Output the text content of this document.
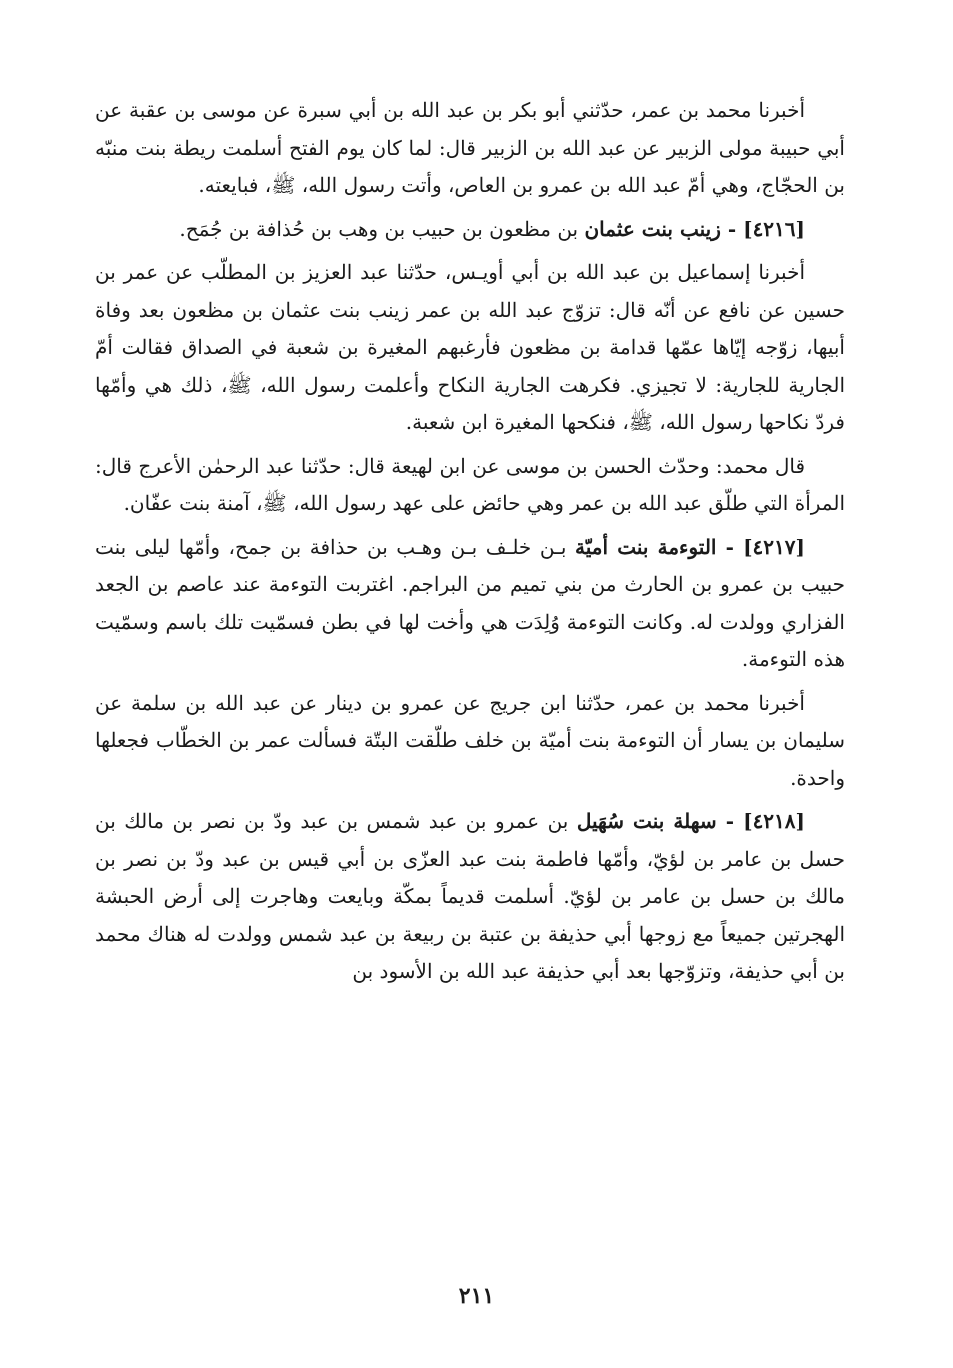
أخبرنا محمد بن عمر، حدّثني أبو بكر بن عبد الله بن أبي سبرة عن موسى بن عقبة عن أبي حبيبة مولى الزبير عن عبد الله بن الزبير قال: لما كان يوم الفتح أسلمت ريطة بنت منبّه بن الحجّاج، وهي أمّ عبد الله بن عمرو بن العاص، وأتت رسول الله، ﷺ، فبايعته.

[٤٢١٦] - زينب بنت عثمان بن مظعون بن حبيب بن وهب بن حُذافة بن جُمَح.

أخبرنا إسماعيل بن عبد الله بن أبي أويـس، حدّثنا عبد العزيز بن المطلّب عن عمر بن حسين عن نافع عن أنّه قال: تزوّج عبد الله بن عمر زينب بنت عثمان بن مظعون بعد وفاة أبيها، زوّجه إيّاها عمّها قدامة بن مظعون فأرغبهم المغيرة بن شعبة في الصداق فقالت أمّ الجارية للجارية: لا تجيزي. فكرهت الجارية النكاح وأعلمت رسول الله، ﷺ، ذلك هي وأمّها فردّ نكاحها رسول الله، ﷺ، فنكحها المغيرة ابن شعبة.

قال محمد: وحدّث الحسن بن موسى عن ابن لهيعة قال: حدّثنا عبد الرحمٰن الأعرج قال: المرأة التي طلّق عبد الله بن عمر وهي حائض على عهد رسول الله، ﷺ، آمنة بنت عفّان.

[٤٢١٧] - التوءمة بنت أميّة بـن خلـف بـن وهـب بن حذافة بن جمح، وأمّها ليلى بنت حبيب بن عمرو بن الحارث من بني تميم من البراجم. اغتربت التوءمة عند عاصم بن الجعد الفزاري وولدت له. وكانت التوءمة وُلِدَت هي وأخت لها في بطن فسمّيت تلك باسم وسمّيت هذه التوءمة.

أخبرنا محمد بن عمر، حدّثنا ابن جريج عن عمرو بن دينار عن عبد الله بن سلمة عن سليمان بن يسار أن التوءمة بنت أميّة بن خلف طلّقت البتّة فسألت عمر بن الخطّاب فجعلها واحدة.

[٤٢١٨] - سهلة بنت سُهَيل بن عمرو بن عبد شمس بن عبد ودّ بن نصر بن مالك بن حسل بن عامر بن لؤيّ، وأمّها فاطمة بنت عبد العزّى بن أبي قيس بن عبد ودّ بن نصر بن مالك بن حسل بن عامر بن لؤيّ. أسلمت قديماً بمكّة وبايعت وهاجرت إلى أرض الحبشة الهجرتين جميعاً مع زوجها أبي حذيفة بن عتبة بن ربيعة بن عبد شمس وولدت له هناك محمد بن أبي حذيفة، وتزوّجها بعد أبي حذيفة عبد الله بن الأسود بن

٢١١
